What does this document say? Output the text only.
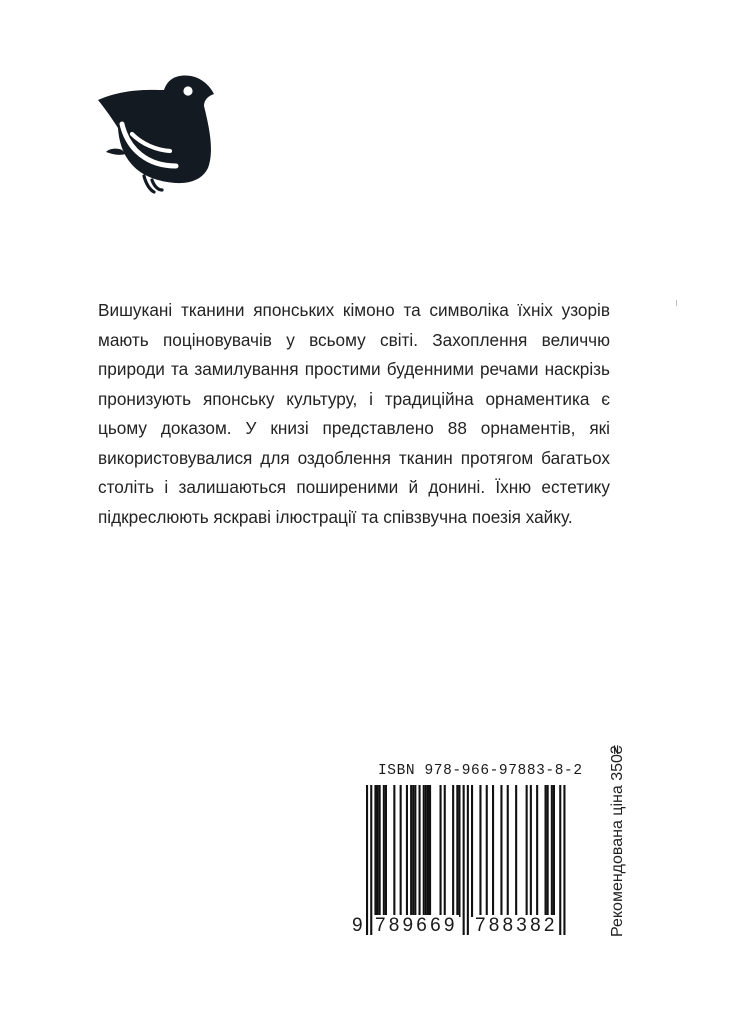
Вишукані тканини японських кімоно та символіка їхніх узорів мають поціновувачів у всьому світі. Захоплення величчю природи та замилування простими буденними речами наскрізь пронизують японську культуру, і традиційна орнаментика є цьому доказом. У книзі представлено 88 орнаментів, які використовувалися для оздоблення тканин протягом багатьох століть і залишаються поширеними й донині. Їхню естетику підкреслюють яскраві ілюстрації та співзвучна поезія хайку.

ISBN 978-966-97883-8-2
9 789669 788382	Рекомендована ціна 350₴
